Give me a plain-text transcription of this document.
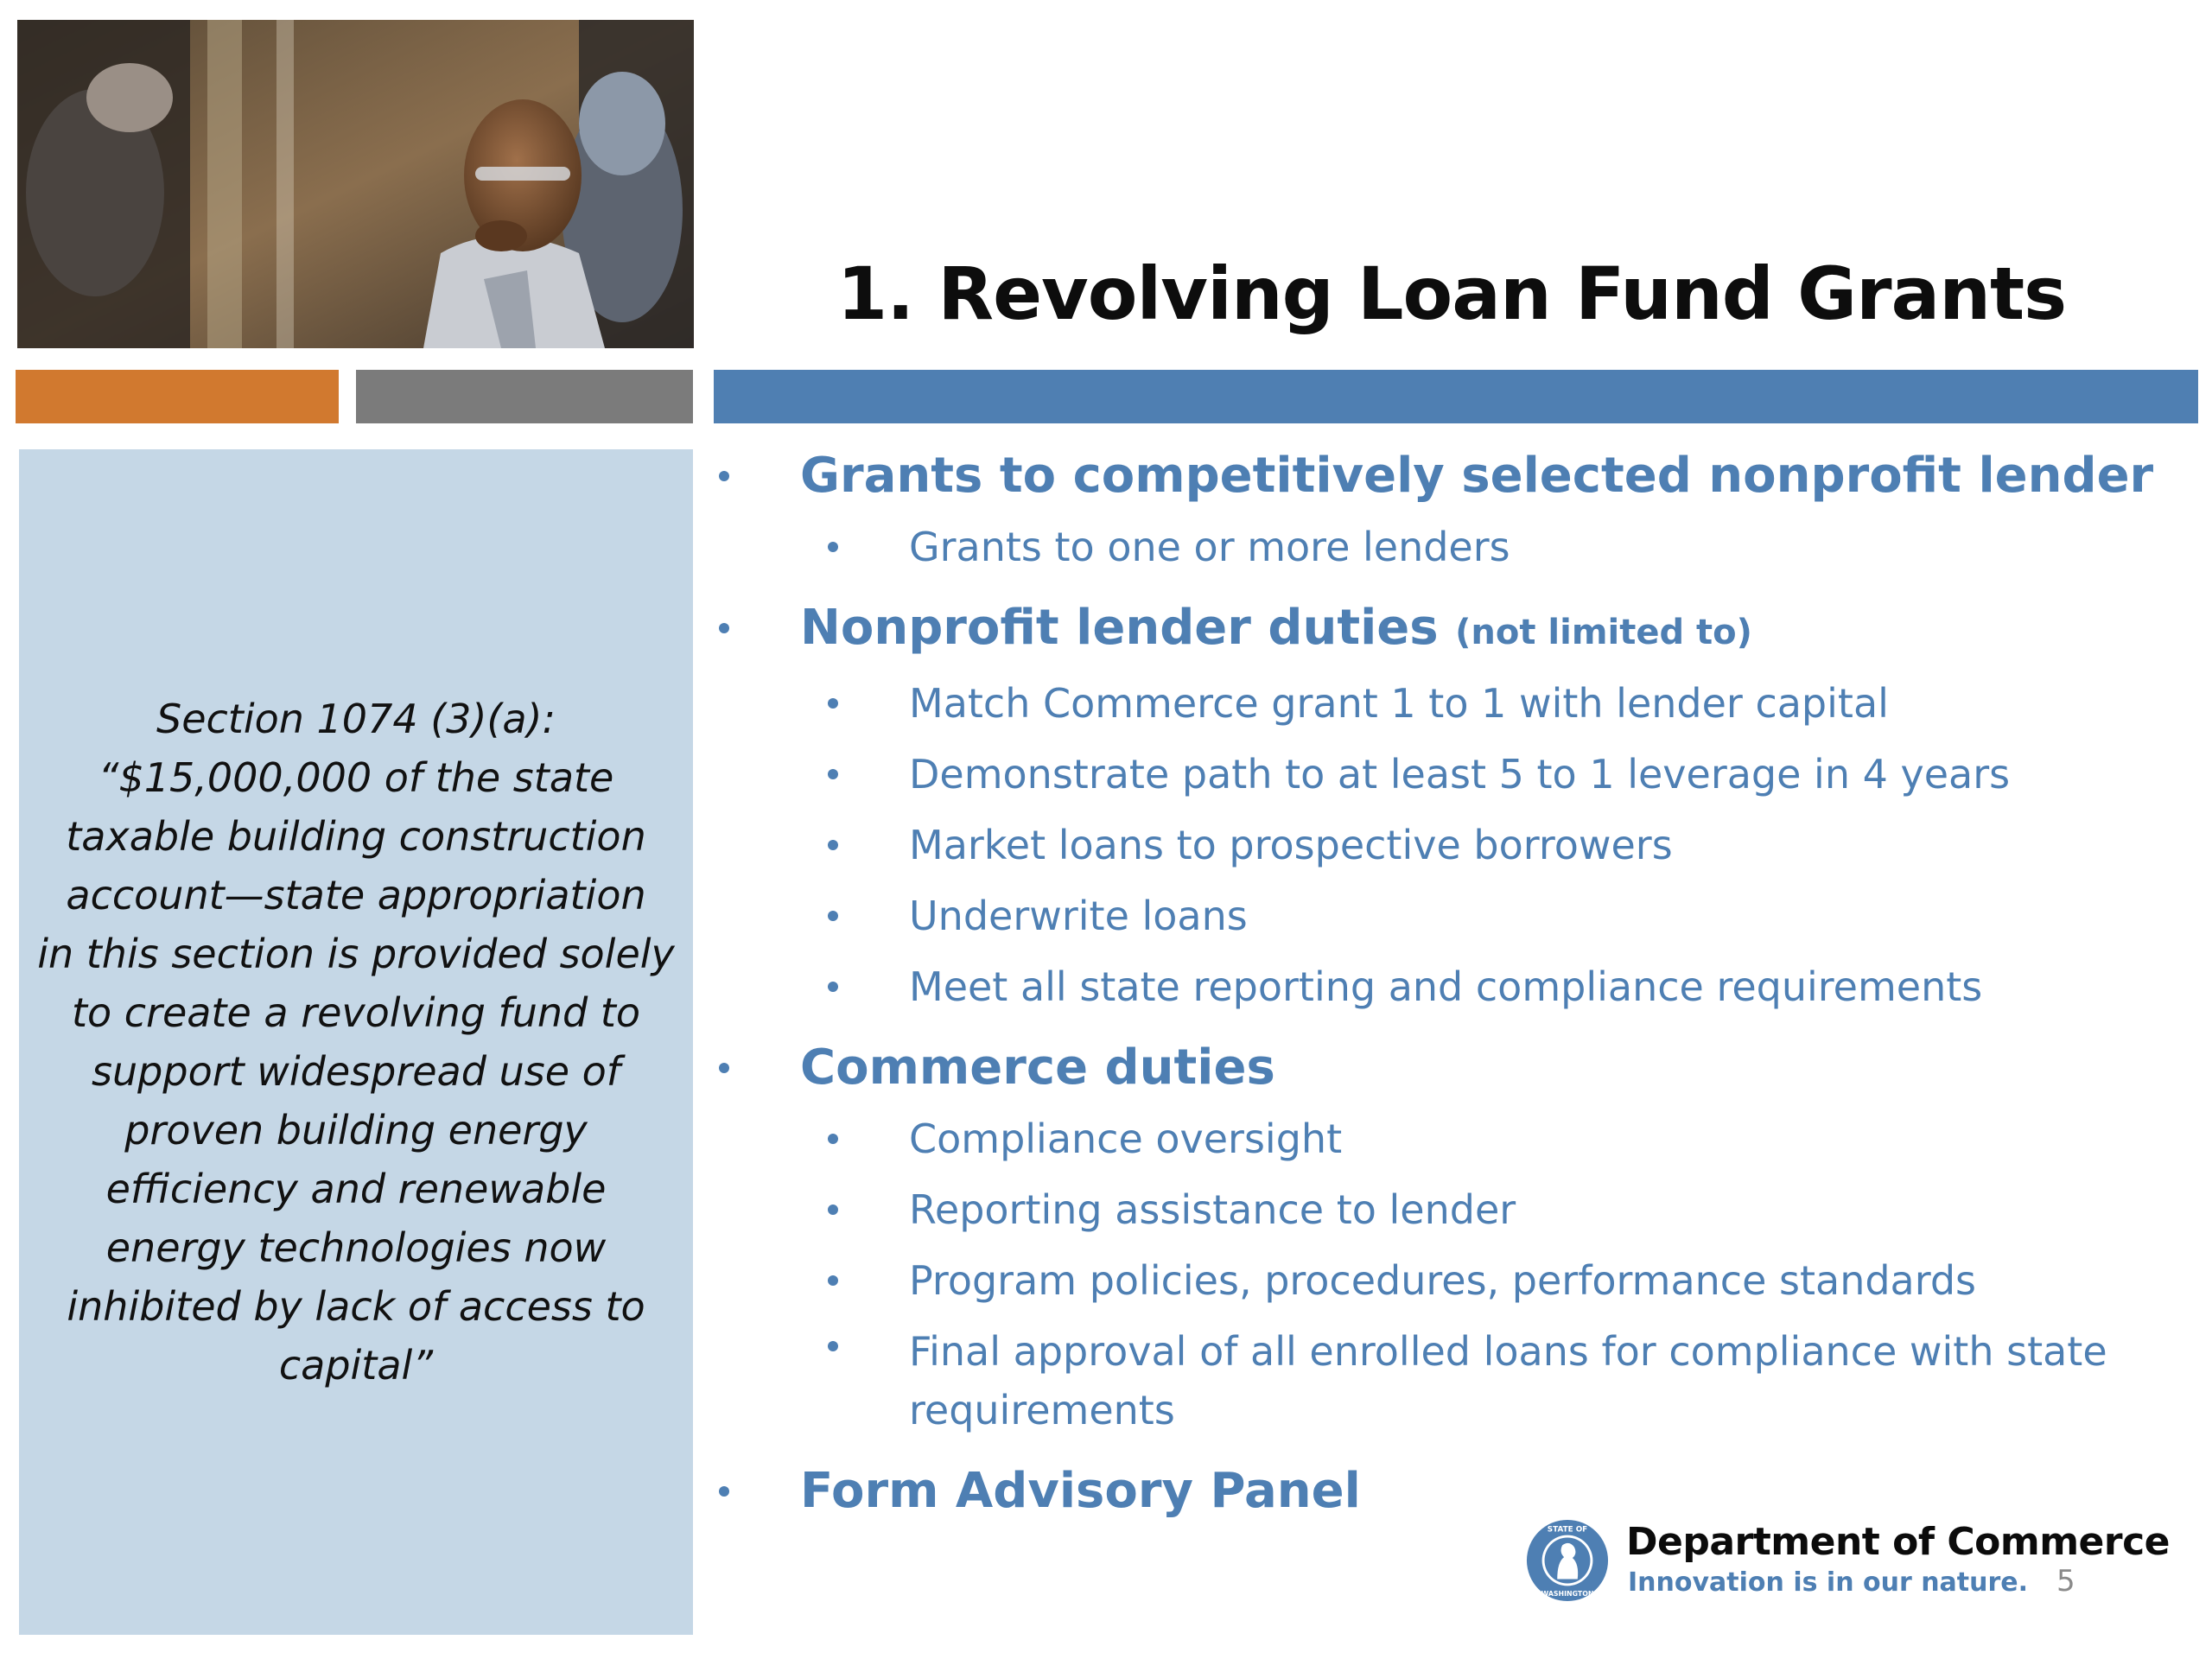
1. Revolving Loan Fund Grants
Section 1074 (3)(a):
“$15,000,000 of the state
taxable building construction
account—state appropriation
in this section is provided solely
to create a revolving fund to
support widespread use of
proven building energy
efficiency and renewable
energy technologies now
inhibited by lack of access to
capital”
Grants to competitively selected nonprofit lender
Grants to one or more lenders
Nonprofit lender duties (not limited to)
Match Commerce grant 1 to 1 with lender capital
Demonstrate path to at least 5 to 1 leverage in 4 years
Market loans to prospective borrowers
Underwrite loans
Meet all state reporting and compliance requirements
Commerce duties
Compliance oversight
Reporting assistance to lender
Program policies, procedures, performance standards
Final approval of all enrolled loans for compliance with state requirements
Form Advisory Panel
STATE OF
WASHINGTON
Department of Commerce
Innovation is in our nature. 5
